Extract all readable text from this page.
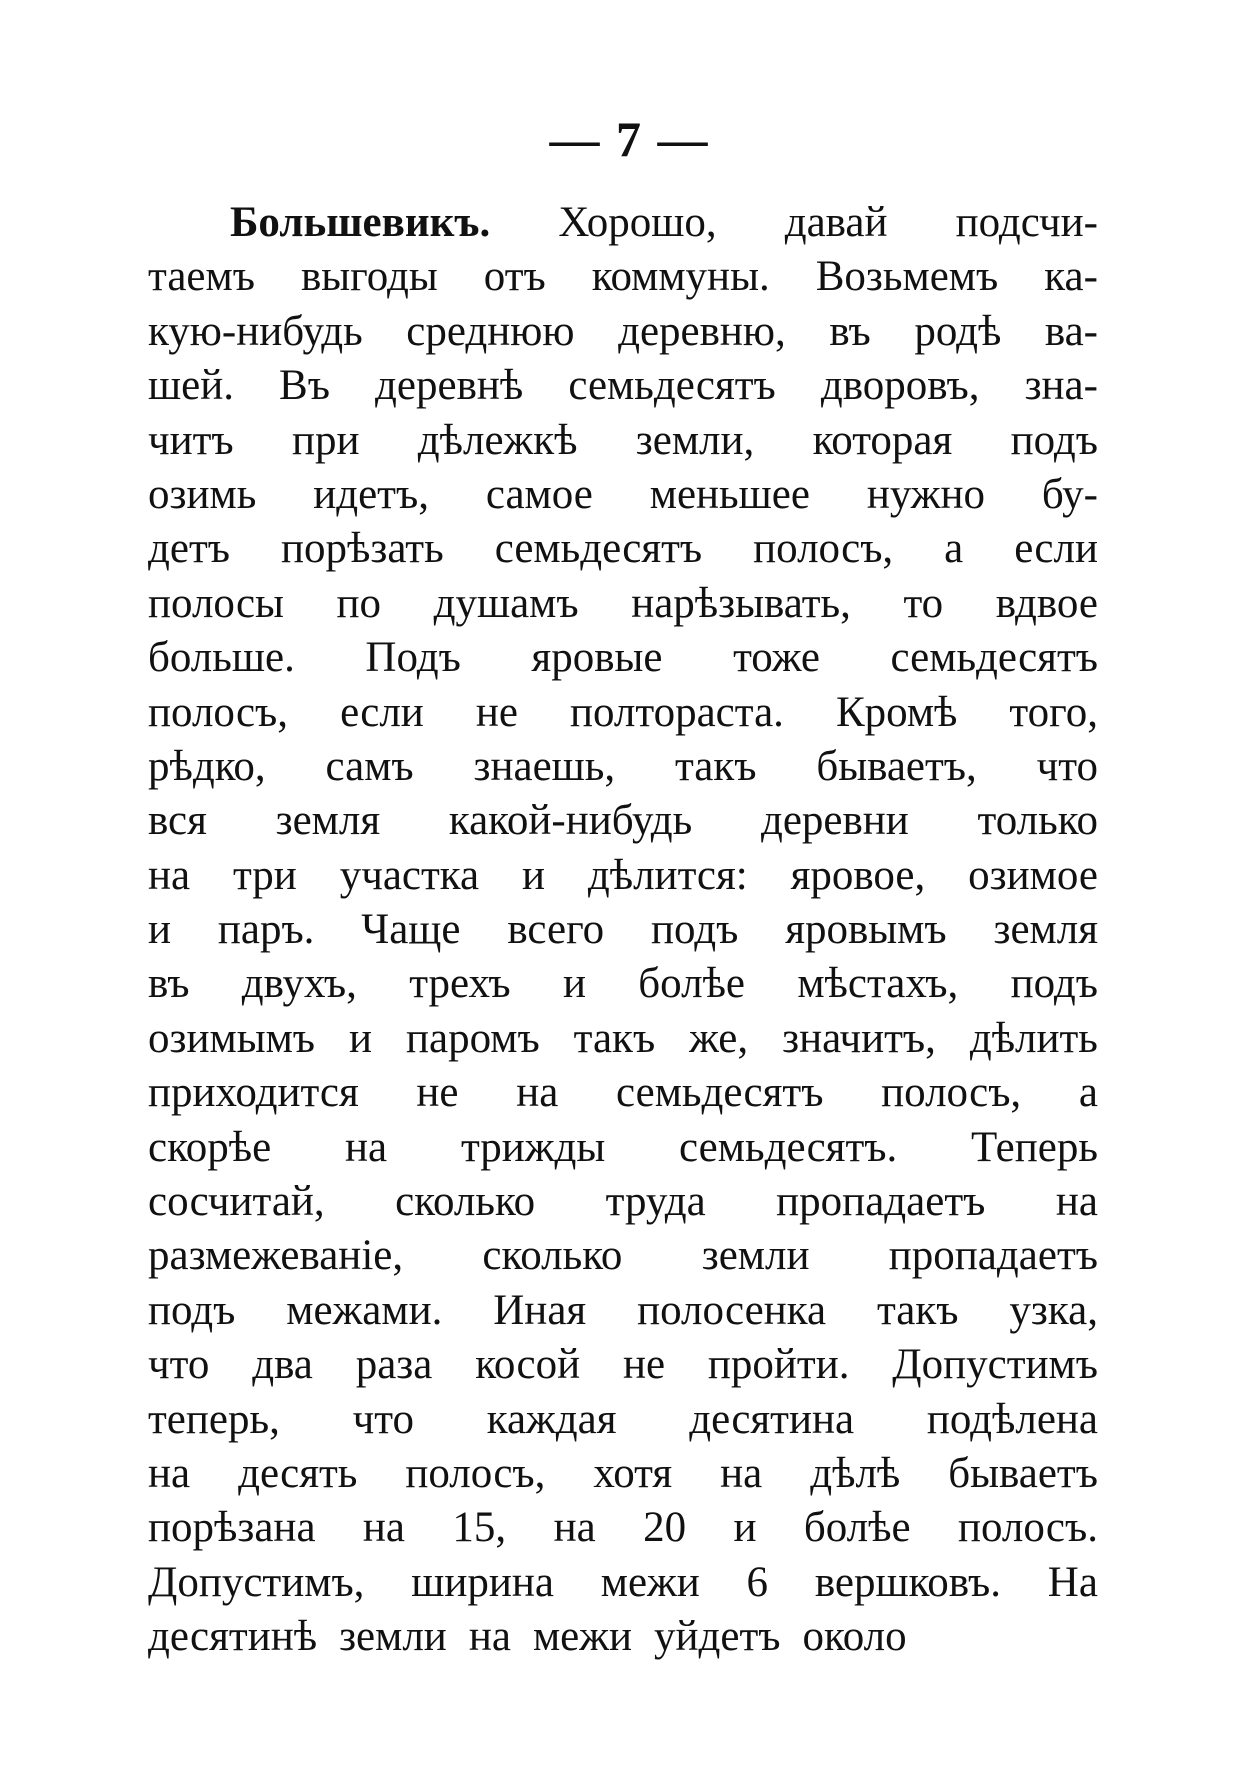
— 7 —
Большевикъ. Хорошо, давай подсчи-
таемъ выгоды отъ коммуны. Возьмемъ ка-
кую-нибудь среднюю деревню, въ родѣ ва-
шей. Въ деревнѣ семьдесятъ дворовъ, зна-
читъ при дѣлежкѣ земли, которая подъ
озимь идетъ, самое меньшее нужно бу-
детъ порѣзать семьдесятъ полосъ, а если
полосы по душамъ нарѣзывать, то вдвое
больше. Подъ яровые тоже семьдесятъ
полосъ, если не полтораста. Кромѣ того,
рѣдко, самъ знаешь, такъ бываетъ, что
вся земля какой-нибудь деревни только
на три участка и дѣлится: яровое, озимое
и паръ. Чаще всего подъ яровымъ земля
въ двухъ, трехъ и болѣе мѣстахъ, подъ
озимымъ и паромъ такъ же, значитъ, дѣлить
приходится не на семьдесятъ полосъ, а
скорѣе на трижды семьдесятъ. Теперь
сосчитай, сколько труда пропадаетъ на
размежеванiе, сколько земли пропадаетъ
подъ межами. Иная полосенка такъ узка,
что два раза косой не пройти. Допустимъ
теперь, что каждая десятина подѣлена
на десять полосъ, хотя на дѣлѣ бываетъ
порѣзана на 15, на 20 и болѣе полосъ.
Допустимъ, ширина межи 6 вершковъ. На
десятинѣ земли на межи уйдетъ около
